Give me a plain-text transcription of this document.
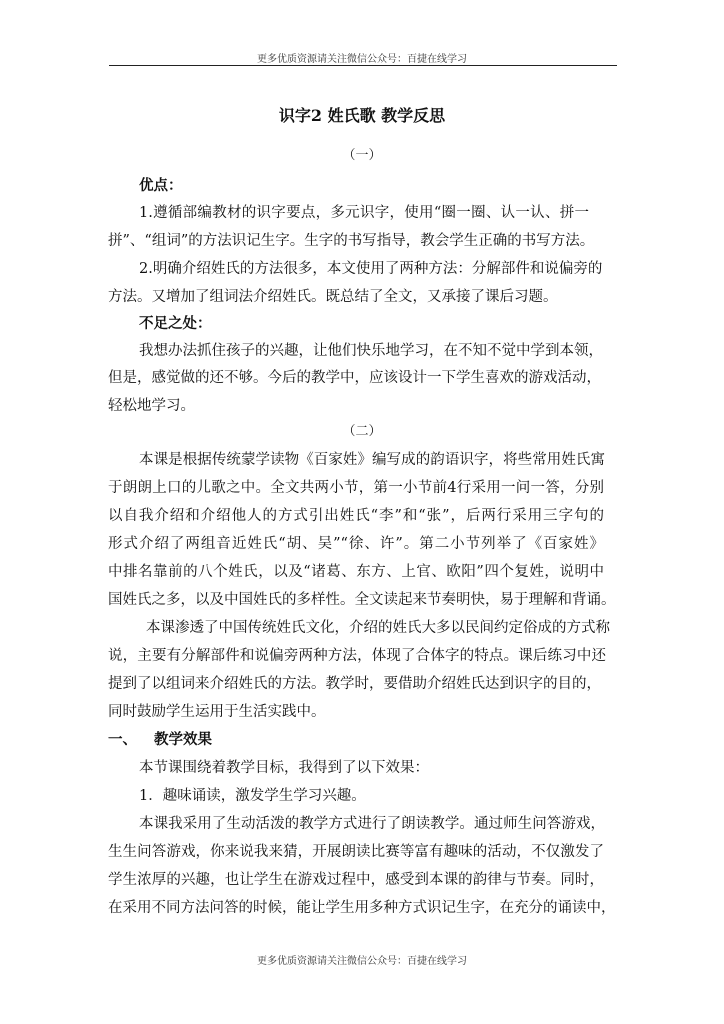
更多优质资源请关注微信公众号：百捷在线学习
识字2 姓氏歌 教学反思
（一）
优点：
1.遵循部编教材的识字要点，多元识字，使用“圈一圈、认一认、拼一
拼”、“组词”的方法识记生字。生字的书写指导，教会学生正确的书写方法。
2.明确介绍姓氏的方法很多，本文使用了两种方法：分解部件和说偏旁的
方法。又增加了组词法介绍姓氏。既总结了全文，又承接了课后习题。
不足之处：
我想办法抓住孩子的兴趣，让他们快乐地学习，在不知不觉中学到本领，
但是，感觉做的还不够。今后的教学中，应该设计一下学生喜欢的游戏活动，
轻松地学习。
（二）
本课是根据传统蒙学读物《百家姓》编写成的韵语识字，将些常用姓氏寓
于朗朗上口的儿歌之中。全文共两小节，第一小节前4行采用一问一答，分别
以自我介绍和介绍他人的方式引出姓氏“李”和“张”，后两行采用三字句的
形式介绍了两组音近姓氏“胡、吴”“徐、许”。第二小节列举了《百家姓》
中排名靠前的八个姓氏，以及“诸葛、东方、上官、欧阳”四个复姓，说明中
国姓氏之多，以及中国姓氏的多样性。全文读起来节奏明快，易于理解和背诵。
本课渗透了中国传统姓氏文化，介绍的姓氏大多以民间约定俗成的方式称
说，主要有分解部件和说偏旁两种方法，体现了合体字的特点。课后练习中还
提到了以组词来介绍姓氏的方法。教学时，要借助介绍姓氏达到识字的目的，
同时鼓励学生运用于生活实践中。
一、 教学效果
本节课围绕着教学目标，我得到了以下效果：
1．趣味诵读，激发学生学习兴趣。
本课我采用了生动活泼的教学方式进行了朗读教学。通过师生问答游戏，
生生问答游戏，你来说我来猜，开展朗读比赛等富有趣味的活动，不仅激发了
学生浓厚的兴趣，也让学生在游戏过程中，感受到本课的韵律与节奏。同时，
在采用不同方法问答的时候，能让学生用多种方式识记生字，在充分的诵读中，
更多优质资源请关注微信公众号：百捷在线学习
